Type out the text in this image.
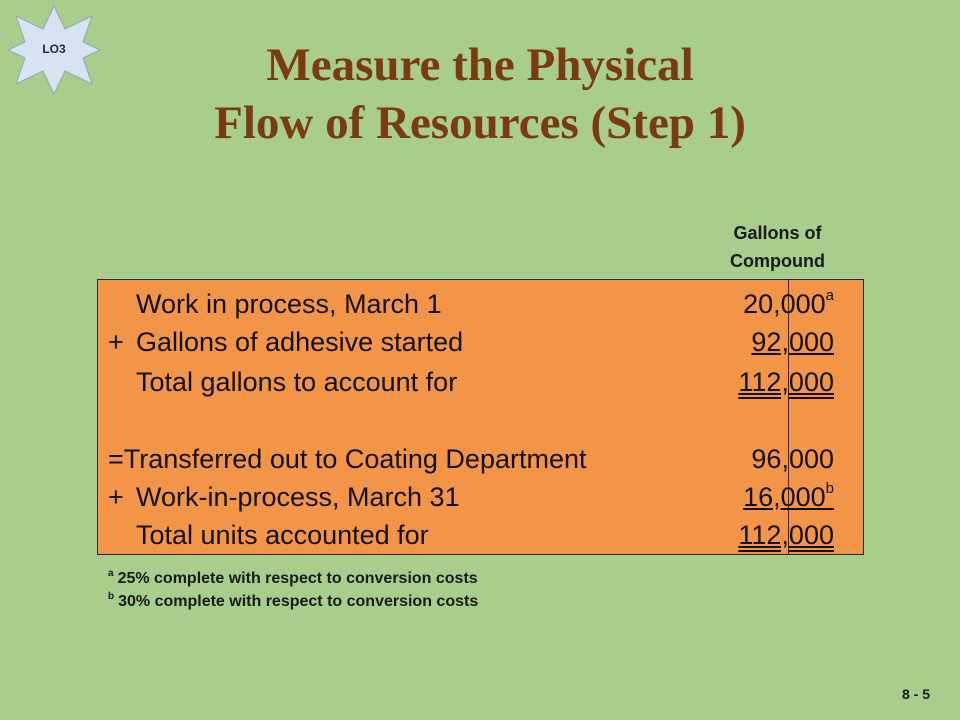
LO3	Measure the Physical
Flow of Resources (Step 1)
Gallons of
Compound
Work in process, March 1	20,000$^a$
+ Gallons of adhesive started	92,000
Total gallons to account for	112,000
=Transferred out to Coating Department	96,000
+ Work-in-process, March 31	16,000$^b$
Total units accounted for	112,000
$^a$ 25% complete with respect to conversion costs
$^b$ 30% complete with respect to conversion costs
8 - 5
